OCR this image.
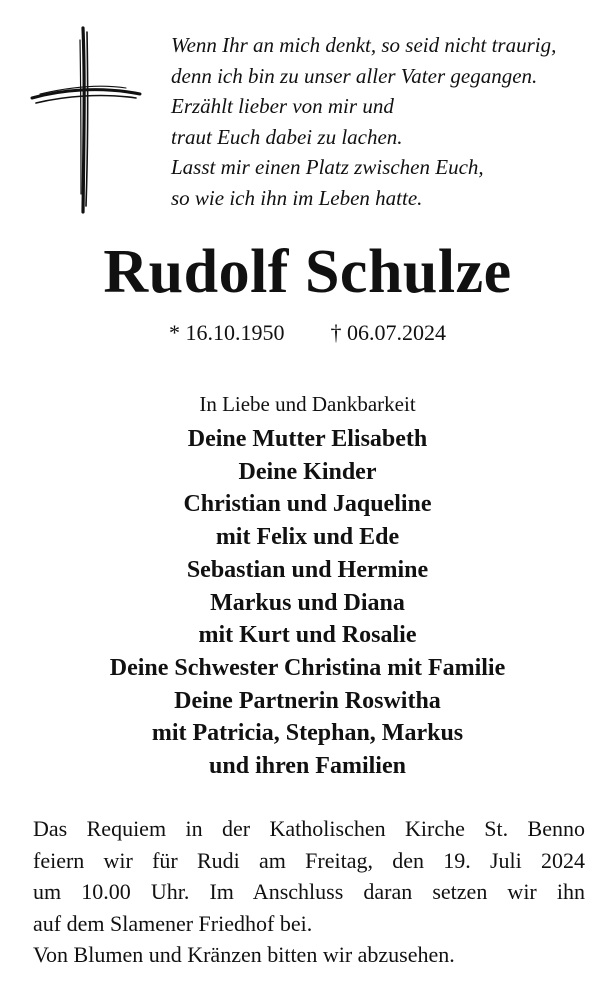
Wenn Ihr an mich denkt, so seid nicht traurig,
denn ich bin zu unser aller Vater gegangen.
Erzählt lieber von mir und
traut Euch dabei zu lachen.
Lasst mir einen Platz zwischen Euch,
so wie ich ihn im Leben hatte.
Rudolf Schulze
* 16.10.1950 † 06.07.2024
In Liebe und Dankbarkeit
Deine Mutter Elisabeth
Deine Kinder
Christian und Jaqueline
mit Felix und Ede
Sebastian und Hermine
Markus und Diana
mit Kurt und Rosalie
Deine Schwester Christina mit Familie
Deine Partnerin Roswitha
mit Patricia, Stephan, Markus
und ihren Familien
Das Requiem in der Katholischen Kirche St. Benno
feiern wir für Rudi am Freitag, den 19. Juli 2024
um 10.00 Uhr. Im Anschluss daran setzen wir ihn
auf dem Slamener Friedhof bei.
Von Blumen und Kränzen bitten wir abzusehen.
